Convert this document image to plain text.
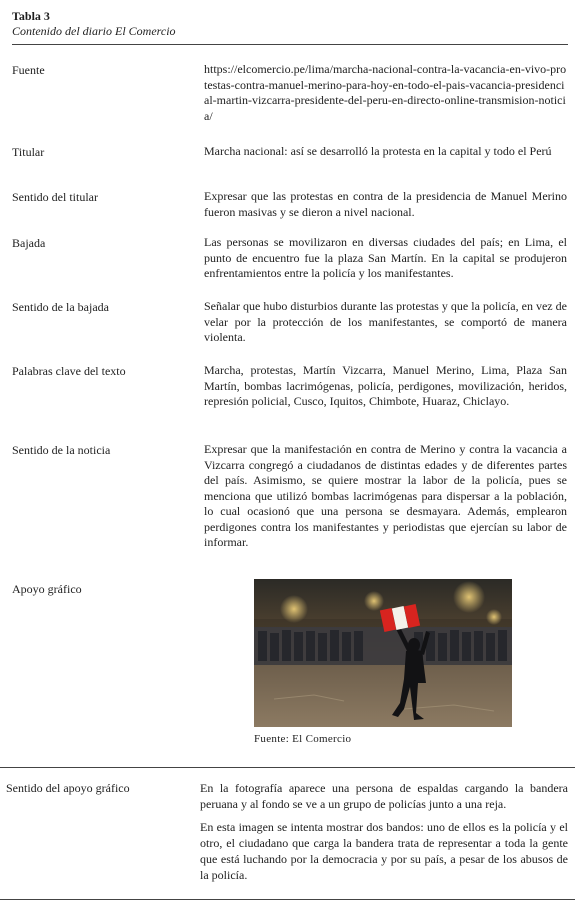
Tabla 3
Contenido del diario El Comercio
Fuente	https://elcomercio.pe/lima/marcha-nacional-contra-la-vacancia-en-vivo-protestas-contra-manuel-merino-para-hoy-en-todo-el-pais-vacancia-presidencial-martin-vizcarra-presidente-del-peru-en-directo-online-transmision-noticia/
Titular	Marcha nacional: así se desarrolló la protesta en la capital y todo el Perú
Sentido del titular	Expresar que las protestas en contra de la presidencia de Manuel Merino fueron masivas y se dieron a nivel nacional.
Bajada	Las personas se movilizaron en diversas ciudades del país; en Lima, el punto de encuentro fue la plaza San Martín. En la capital se produjeron enfrentamientos entre la policía y los manifestantes.
Sentido de la bajada	Señalar que hubo disturbios durante las protestas y que la policía, en vez de velar por la protección de los manifestantes, se comportó de manera violenta.
Palabras clave del texto	Marcha, protestas, Martín Vizcarra, Manuel Merino, Lima, Plaza San Martín, bombas lacrimógenas, policía, perdigones, movilización, heridos, represión policial, Cusco, Iquitos, Chimbote, Huaraz, Chiclayo.
Sentido de la noticia	Expresar que la manifestación en contra de Merino y contra la vacancia a Vizcarra congregó a ciudadanos de distintas edades y de diferentes partes del país. Asimismo, se quiere mostrar la labor de la policía, pues se menciona que utilizó bombas lacrimógenas para dispersar a la población, lo cual ocasionó que una persona se desmayara. Además, emplearon perdigones contra los manifestantes y periodistas que ejercían su labor de informar.
Apoyo gráfico
Fuente: El Comercio
Sentido del apoyo gráfico	En la fotografía aparece una persona de espaldas cargando la bandera peruana y al fondo se ve a un grupo de policías junto a una reja.

En esta imagen se intenta mostrar dos bandos: uno de ellos es la policía y el otro, el ciudadano que carga la bandera trata de representar a toda la gente que está luchando por la democracia y por su país, a pesar de los abusos de la policía.
